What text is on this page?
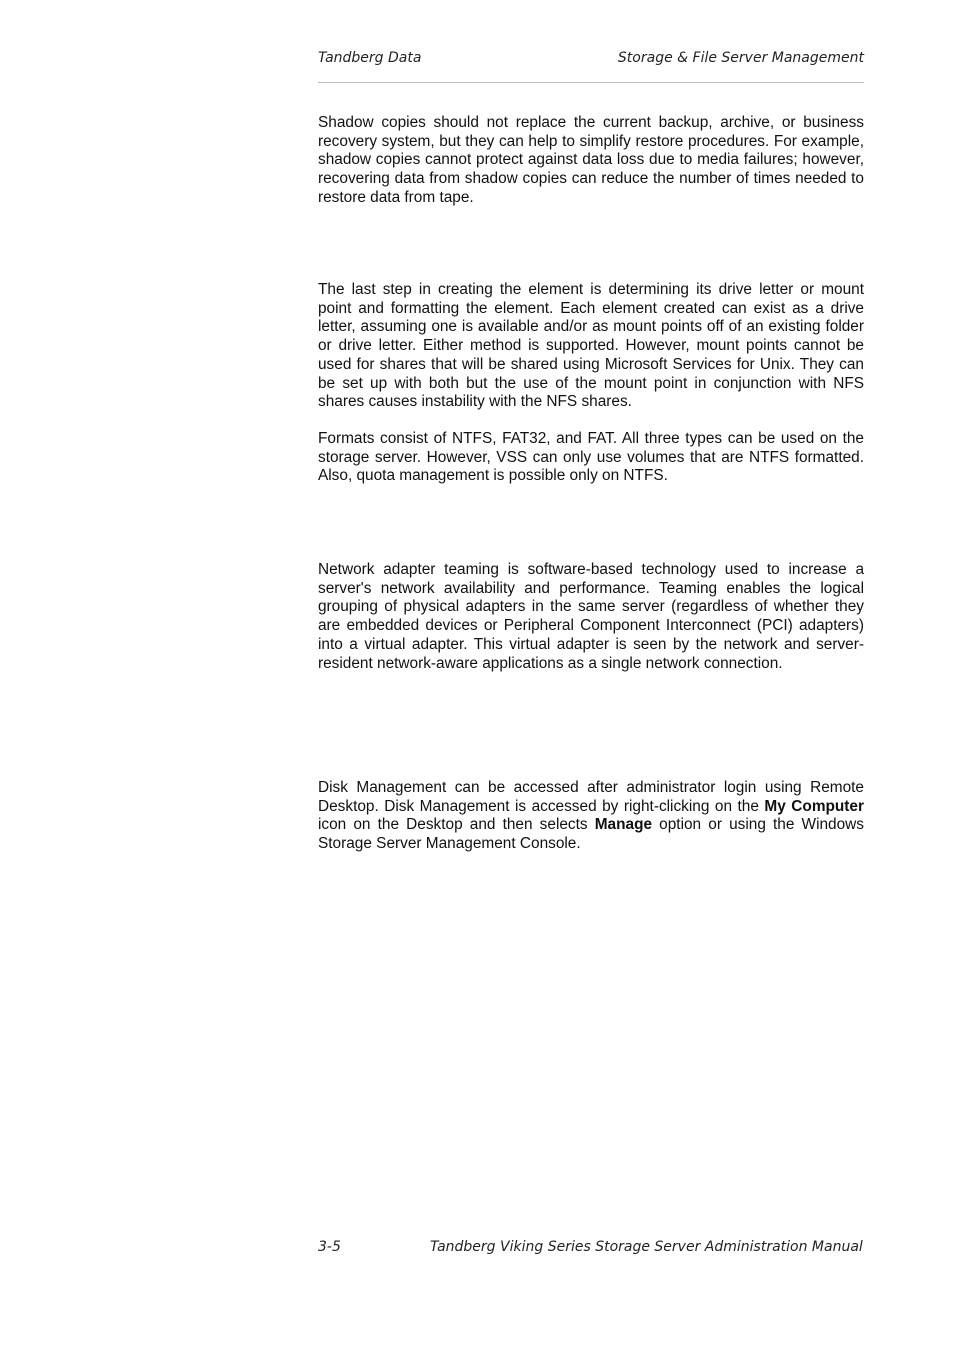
Tandberg Data	Storage & File Server Management

Shadow copies should not replace the current backup, archive, or business recovery system, but they can help to simplify restore procedures. For example, shadow copies cannot protect against data loss due to media failures; however, recovering data from shadow copies can reduce the number of times needed to restore data from tape.

The last step in creating the element is determining its drive letter or mount point and formatting the element. Each element created can exist as a drive letter, assuming one is available and/or as mount points off of an existing folder or drive letter. Either method is supported. However, mount points cannot be used for shares that will be shared using Microsoft Services for Unix. They can be set up with both but the use of the mount point in conjunction with NFS shares causes instability with the NFS shares.

Formats consist of NTFS, FAT32, and FAT. All three types can be used on the storage server. However, VSS can only use volumes that are NTFS formatted. Also, quota management is possible only on NTFS.

Network adapter teaming is software-based technology used to increase a server's network availability and performance. Teaming enables the logical grouping of physical adapters in the same server (regardless of whether they are embedded devices or Peripheral Component Interconnect (PCI) adapters) into a virtual adapter. This virtual adapter is seen by the network and server-resident network-aware applications as a single network connection.

Disk Management can be accessed after administrator login using Remote Desktop. Disk Management is accessed by right-clicking on the My Computer icon on the Desktop and then selects Manage option or using the Windows Storage Server Management Console.

3-5	Tandberg Viking Series Storage Server Administration Manual
